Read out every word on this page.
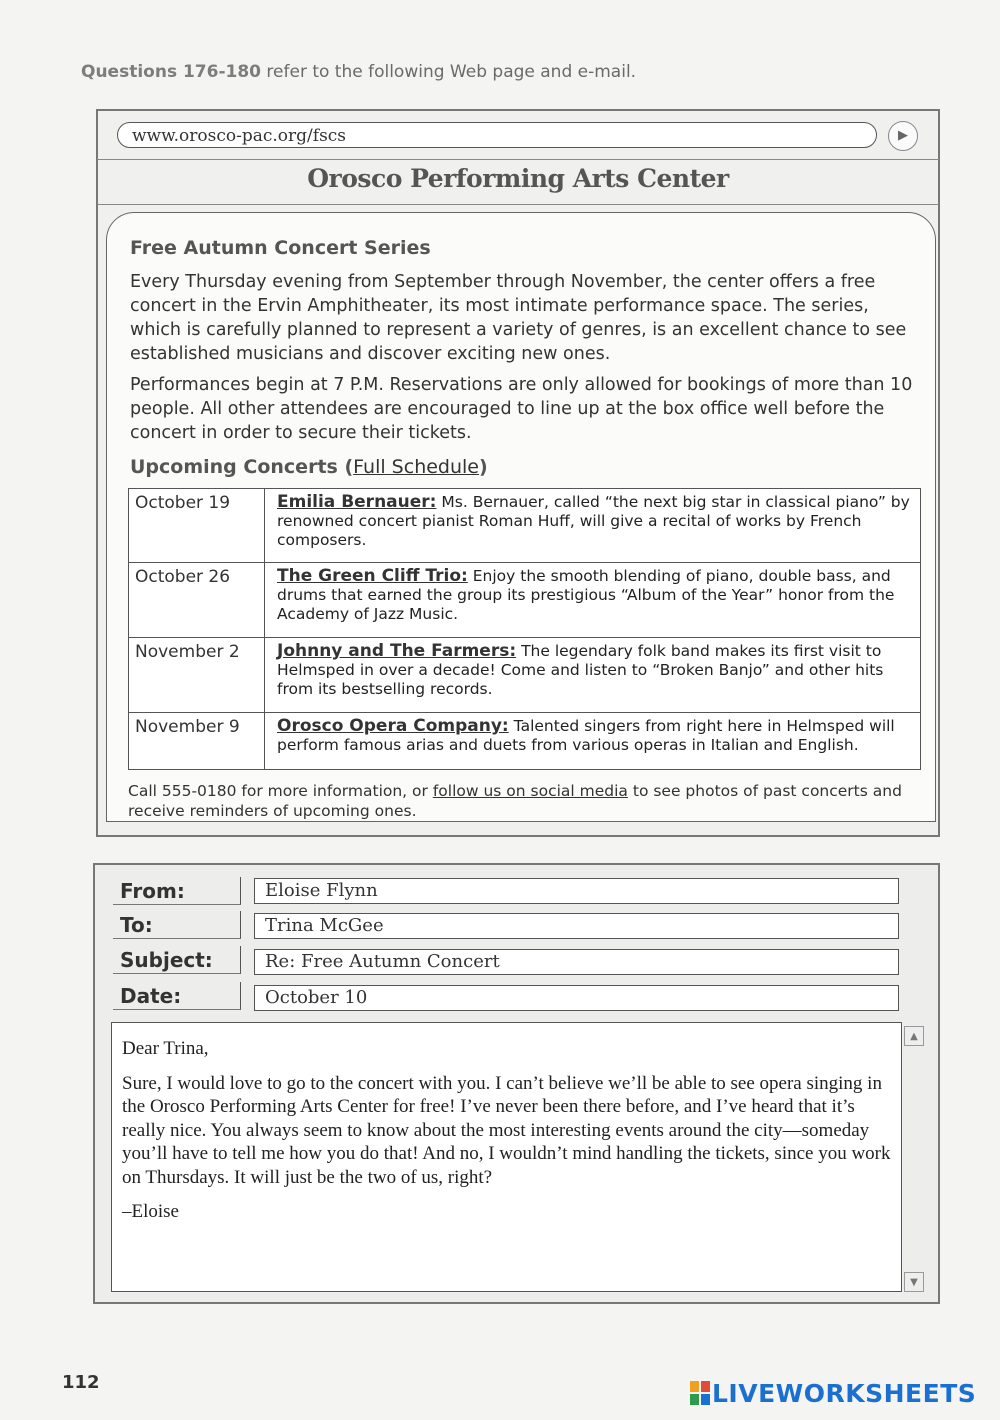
Questions 176-180 refer to the following Web page and e-mail.
www.orosco-pac.org/fscs	▶
Orosco Performing Arts Center
Free Autumn Concert Series
Every Thursday evening from September through November, the center offers a free concert in the Ervin Amphitheater, its most intimate performance space. The series, which is carefully planned to represent a variety of genres, is an excellent chance to see established musicians and discover exciting new ones.
Performances begin at 7 P.M. Reservations are only allowed for bookings of more than 10 people. All other attendees are encouraged to line up at the box office well before the concert in order to secure their tickets.
Upcoming Concerts (Full Schedule)
October 19	Emilia Bernauer: Ms. Bernauer, called “the next big star in classical piano” by renowned concert pianist Roman Huff, will give a recital of works by French composers.
October 26	The Green Cliff Trio: Enjoy the smooth blending of piano, double bass, and drums that earned the group its prestigious “Album of the Year” honor from the Academy of Jazz Music.
November 2	Johnny and The Farmers: The legendary folk band makes its first visit to Helmsped in over a decade! Come and listen to “Broken Banjo” and other hits from its bestselling records.
November 9	Orosco Opera Company: Talented singers from right here in Helmsped will perform famous arias and duets from various operas in Italian and English.
Call 555-0180 for more information, or follow us on social media to see photos of past concerts and receive reminders of upcoming ones.
From:	Eloise Flynn
To:	Trina McGee
Subject:	Re: Free Autumn Concert
Date:	October 10

Dear Trina,

Sure, I would love to go to the concert with you. I can’t believe we’ll be able to see opera singing in the Orosco Performing Arts Center for free! I’ve never been there before, and I’ve heard that it’s really nice. You always seem to know about the most interesting events around the city—someday you’ll have to tell me how you do that! And no, I wouldn’t mind handling the tickets, since you work on Thursdays. It will just be the two of us, right?

–Eloise

▲
▼
112	LIVEWORKSHEETS
